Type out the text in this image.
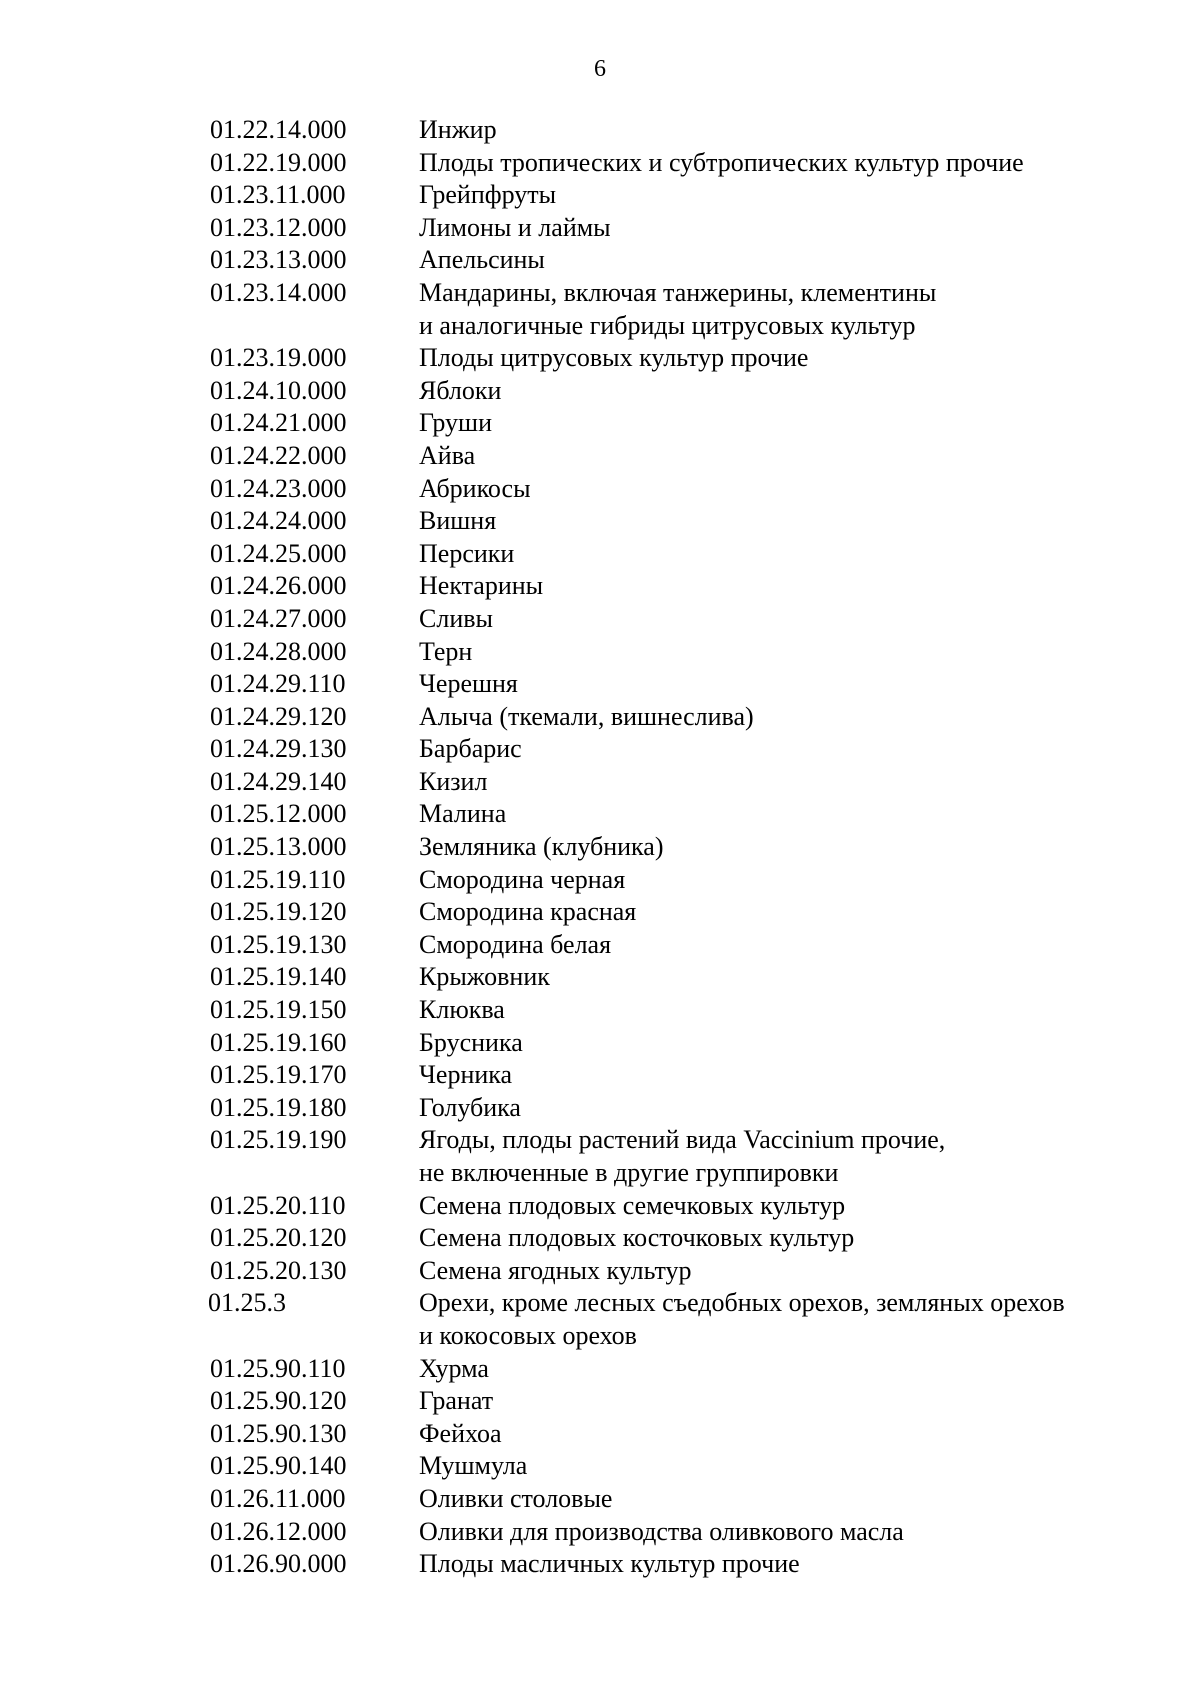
6
01.22.14.000	Инжир
01.22.19.000	Плоды тропических и субтропических культур прочие
01.23.11.000	Грейпфруты
01.23.12.000	Лимоны и лаймы
01.23.13.000	Апельсины
01.23.14.000	Мандарины, включая танжерины, клементины
и аналогичные гибриды цитрусовых культур
01.23.19.000	Плоды цитрусовых культур прочие
01.24.10.000	Яблоки
01.24.21.000	Груши
01.24.22.000	Айва
01.24.23.000	Абрикосы
01.24.24.000	Вишня
01.24.25.000	Персики
01.24.26.000	Нектарины
01.24.27.000	Сливы
01.24.28.000	Терн
01.24.29.110	Черешня
01.24.29.120	Алыча (ткемали, вишнеслива)
01.24.29.130	Барбарис
01.24.29.140	Кизил
01.25.12.000	Малина
01.25.13.000	Земляника (клубника)
01.25.19.110	Смородина черная
01.25.19.120	Смородина красная
01.25.19.130	Смородина белая
01.25.19.140	Крыжовник
01.25.19.150	Клюква
01.25.19.160	Брусника
01.25.19.170	Черника
01.25.19.180	Голубика
01.25.19.190	Ягоды, плоды растений вида Vaccinium прочие,
не включенные в другие группировки
01.25.20.110	Семена плодовых семечковых культур
01.25.20.120	Семена плодовых косточковых культур
01.25.20.130	Семена ягодных культур
01.25.3	Орехи, кроме лесных съедобных орехов, земляных орехов
и кокосовых орехов
01.25.90.110	Хурма
01.25.90.120	Гранат
01.25.90.130	Фейхоа
01.25.90.140	Мушмула
01.26.11.000	Оливки столовые
01.26.12.000	Оливки для производства оливкового масла
01.26.90.000	Плоды масличных культур прочие
